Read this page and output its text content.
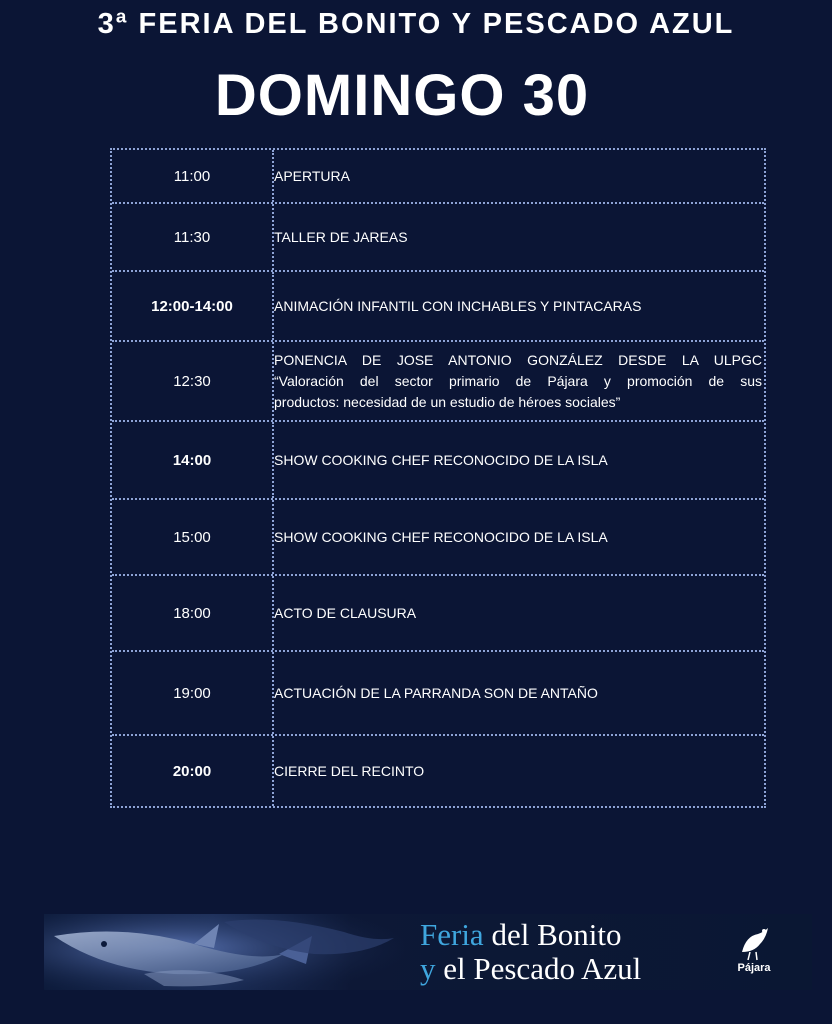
3ª FERIA DEL BONITO Y PESCADO AZUL
DOMINGO 30
11:00	APERTURA
11:30	TALLER DE JAREAS
12:00-14:00	ANIMACIÓN INFANTIL CON INCHABLES Y PINTACARAS
12:30
PONENCIA DE JOSE ANTONIO GONZÁLEZ DESDE LA ULPGC
“Valoración del sector primario de Pájara y promoción de sus
productos: necesidad de un estudio de héroes sociales”
14:00	SHOW COOKING CHEF RECONOCIDO DE LA ISLA
15:00	SHOW COOKING CHEF RECONOCIDO DE LA ISLA
18:00	ACTO DE CLAUSURA
19:00	ACTUACIÓN DE LA PARRANDA SON DE ANTAÑO
20:00	CIERRE DEL RECINTO
Feria del Bonito
y el Pescado Azul	Pájara
